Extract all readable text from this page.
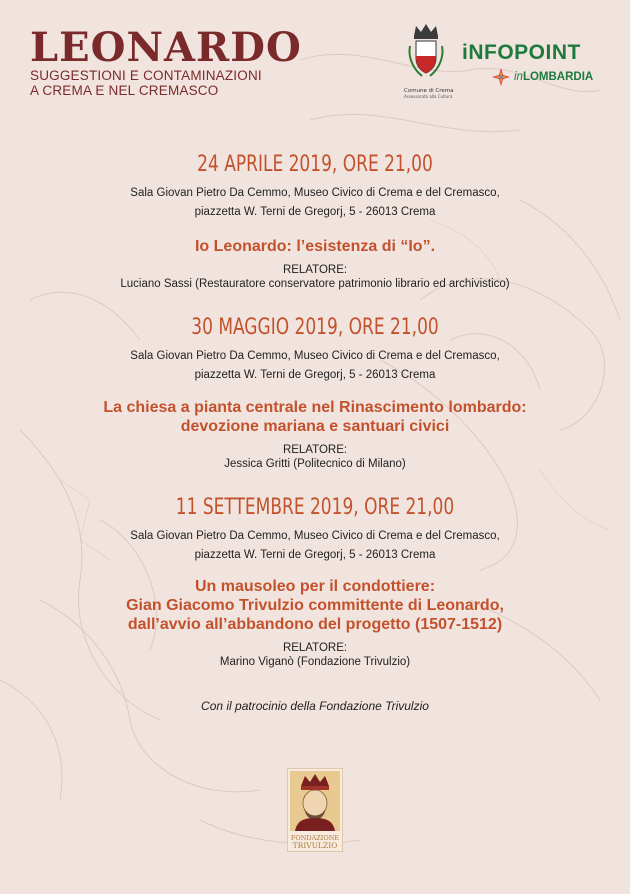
LEONARDO
SUGGESTIONI E CONTAMINAZIONI
A CREMA E NEL CREMASCO	Comune di Crema
Assessorato alla Cultura
iNFOPOINT
inLOMBARDIA
24 APRILE 2019, ORE 21,00
Sala Giovan Pietro Da Cemmo, Museo Civico di Crema e del Cremasco,
piazzetta W. Terni de Gregorj, 5 - 26013 Crema
Io Leonardo: l’esistenza di “Io”.
RELATORE:
Luciano Sassi (Restauratore conservatore patrimonio librario ed archivistico)
30 MAGGIO 2019, ORE 21,00
Sala Giovan Pietro Da Cemmo, Museo Civico di Crema e del Cremasco,
piazzetta W. Terni de Gregorj, 5 - 26013 Crema
La chiesa a pianta centrale nel Rinascimento lombardo:
devozione mariana e santuari civici
RELATORE:
Jessica Gritti (Politecnico di Milano)
11 SETTEMBRE 2019, ORE 21,00
Sala Giovan Pietro Da Cemmo, Museo Civico di Crema e del Cremasco,
piazzetta W. Terni de Gregorj, 5 - 26013 Crema
Un mausoleo per il condottiere:
Gian Giacomo Trivulzio committente di Leonardo,
dall’avvio all’abbandono del progetto (1507-1512)
RELATORE:
Marino Viganò (Fondazione Trivulzio)
Con il patrocinio della Fondazione Trivulzio
FONDAZIONE
TRIVULZIO
